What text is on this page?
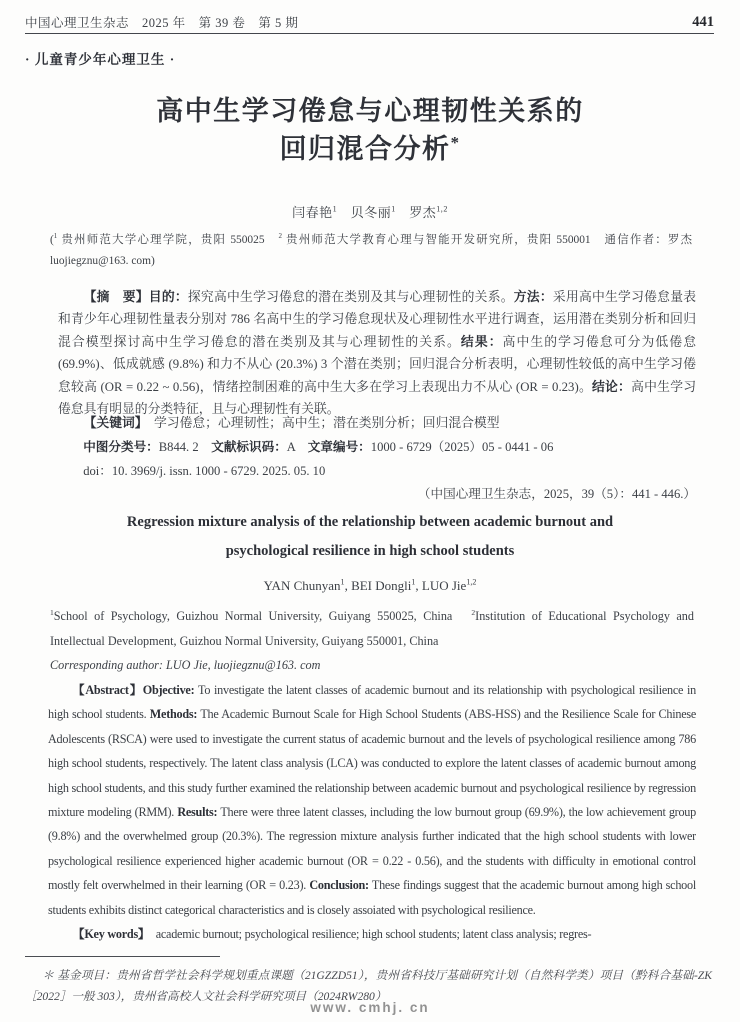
中国心理卫生杂志　2025 年　第 39 卷　第 5 期	441
· 儿童青少年心理卫生 ·
高中生学习倦怠与心理韧性关系的
回归混合分析*
闫春艳$^1$　 贝冬丽$^1$　 罗杰$^{1,2}$
($^1$ 贵州师范大学心理学院，贵阳 550025　$^2$ 贵州师范大学教育心理与智能开发研究所，贵阳 550001　通信作者：罗杰 luojiegznu@163. com)
【摘　要】目的：探究高中生学习倦怠的潜在类别及其与心理韧性的关系。方法：采用高中生学习倦怠量表和青少年心理韧性量表分别对 786 名高中生的学习倦怠现状及心理韧性水平进行调查，运用潜在类别分析和回归混合模型探讨高中生学习倦怠的潜在类别及其与心理韧性的关系。结果：高中生的学习倦怠可分为低倦怠 (69.9%)、低成就感 (9.8%) 和力不从心 (20.3%) 3 个潜在类别；回归混合分析表明，心理韧性较低的高中生学习倦怠较高 (OR = 0.22 ~ 0.56)，情绪控制困难的高中生大多在学习上表现出力不从心 (OR = 0.23)。结论：高中生学习倦怠具有明显的分类特征，且与心理韧性有关联。
【关键词】　学习倦怠；心理韧性；高中生；潜在类别分析；回归混合模型
中图分类号：B844. 2　文献标识码：A　文章编号：1000 - 6729（2025）05 - 0441 - 06
doi：10. 3969/j. issn. 1000 - 6729. 2025. 05. 10
（中国心理卫生杂志，2025，39（5）：441 - 446.）
Regression mixture analysis of the relationship between academic burnout and
psychological resilience in high school students
YAN Chunyan$^1$, BEI Dongli$^1$, LUO Jie$^{1,2}$
$^1$School of Psychology, Guizhou Normal University, Guiyang 550025, China　$^2$Institution of Educational Psychology and Intellectual Development, Guizhou Normal University, Guiyang 550001, China
Corresponding author: LUO Jie, luojiegznu@163. com
【Abstract】Objective: To investigate the latent classes of academic burnout and its relationship with psychological resilience in high school students. Methods: The Academic Burnout Scale for High School Students (ABS-HSS) and the Resilience Scale for Chinese Adolescents (RSCA) were used to investigate the current status of academic burnout and the levels of psychological resilience among 786 high school students, respectively. The latent class analysis (LCA) was conducted to explore the latent classes of academic burnout among high school students, and this study further examined the relationship between academic burnout and psychological resilience by regression mixture modeling (RMM). Results: There were three latent classes, including the low burnout group (69.9%), the low achievement group (9.8%) and the overwhelmed group (20.3%). The regression mixture analysis further indicated that the high school students with lower psychological resilience experienced higher academic burnout (OR = 0.22 - 0.56), and the students with difficulty in emotional control mostly felt overwhelmed in their learning (OR = 0.23). Conclusion: These findings suggest that the academic burnout among high school students exhibits distinct categorical characteristics and is closely assoiated with psychological resilience.
【Key words】　academic burnout; psychological resilience; high school students; latent class analysis; regres-
＊ 基金项目：贵州省哲学社会科学规划重点课题（21GZZD51），贵州省科技厅基础研究计划（自然科学类）项目（黔科合基础-ZK［2022］一般 303），贵州省高校人文社会科学研究项目（2024RW280）
www. cmhj. cn
